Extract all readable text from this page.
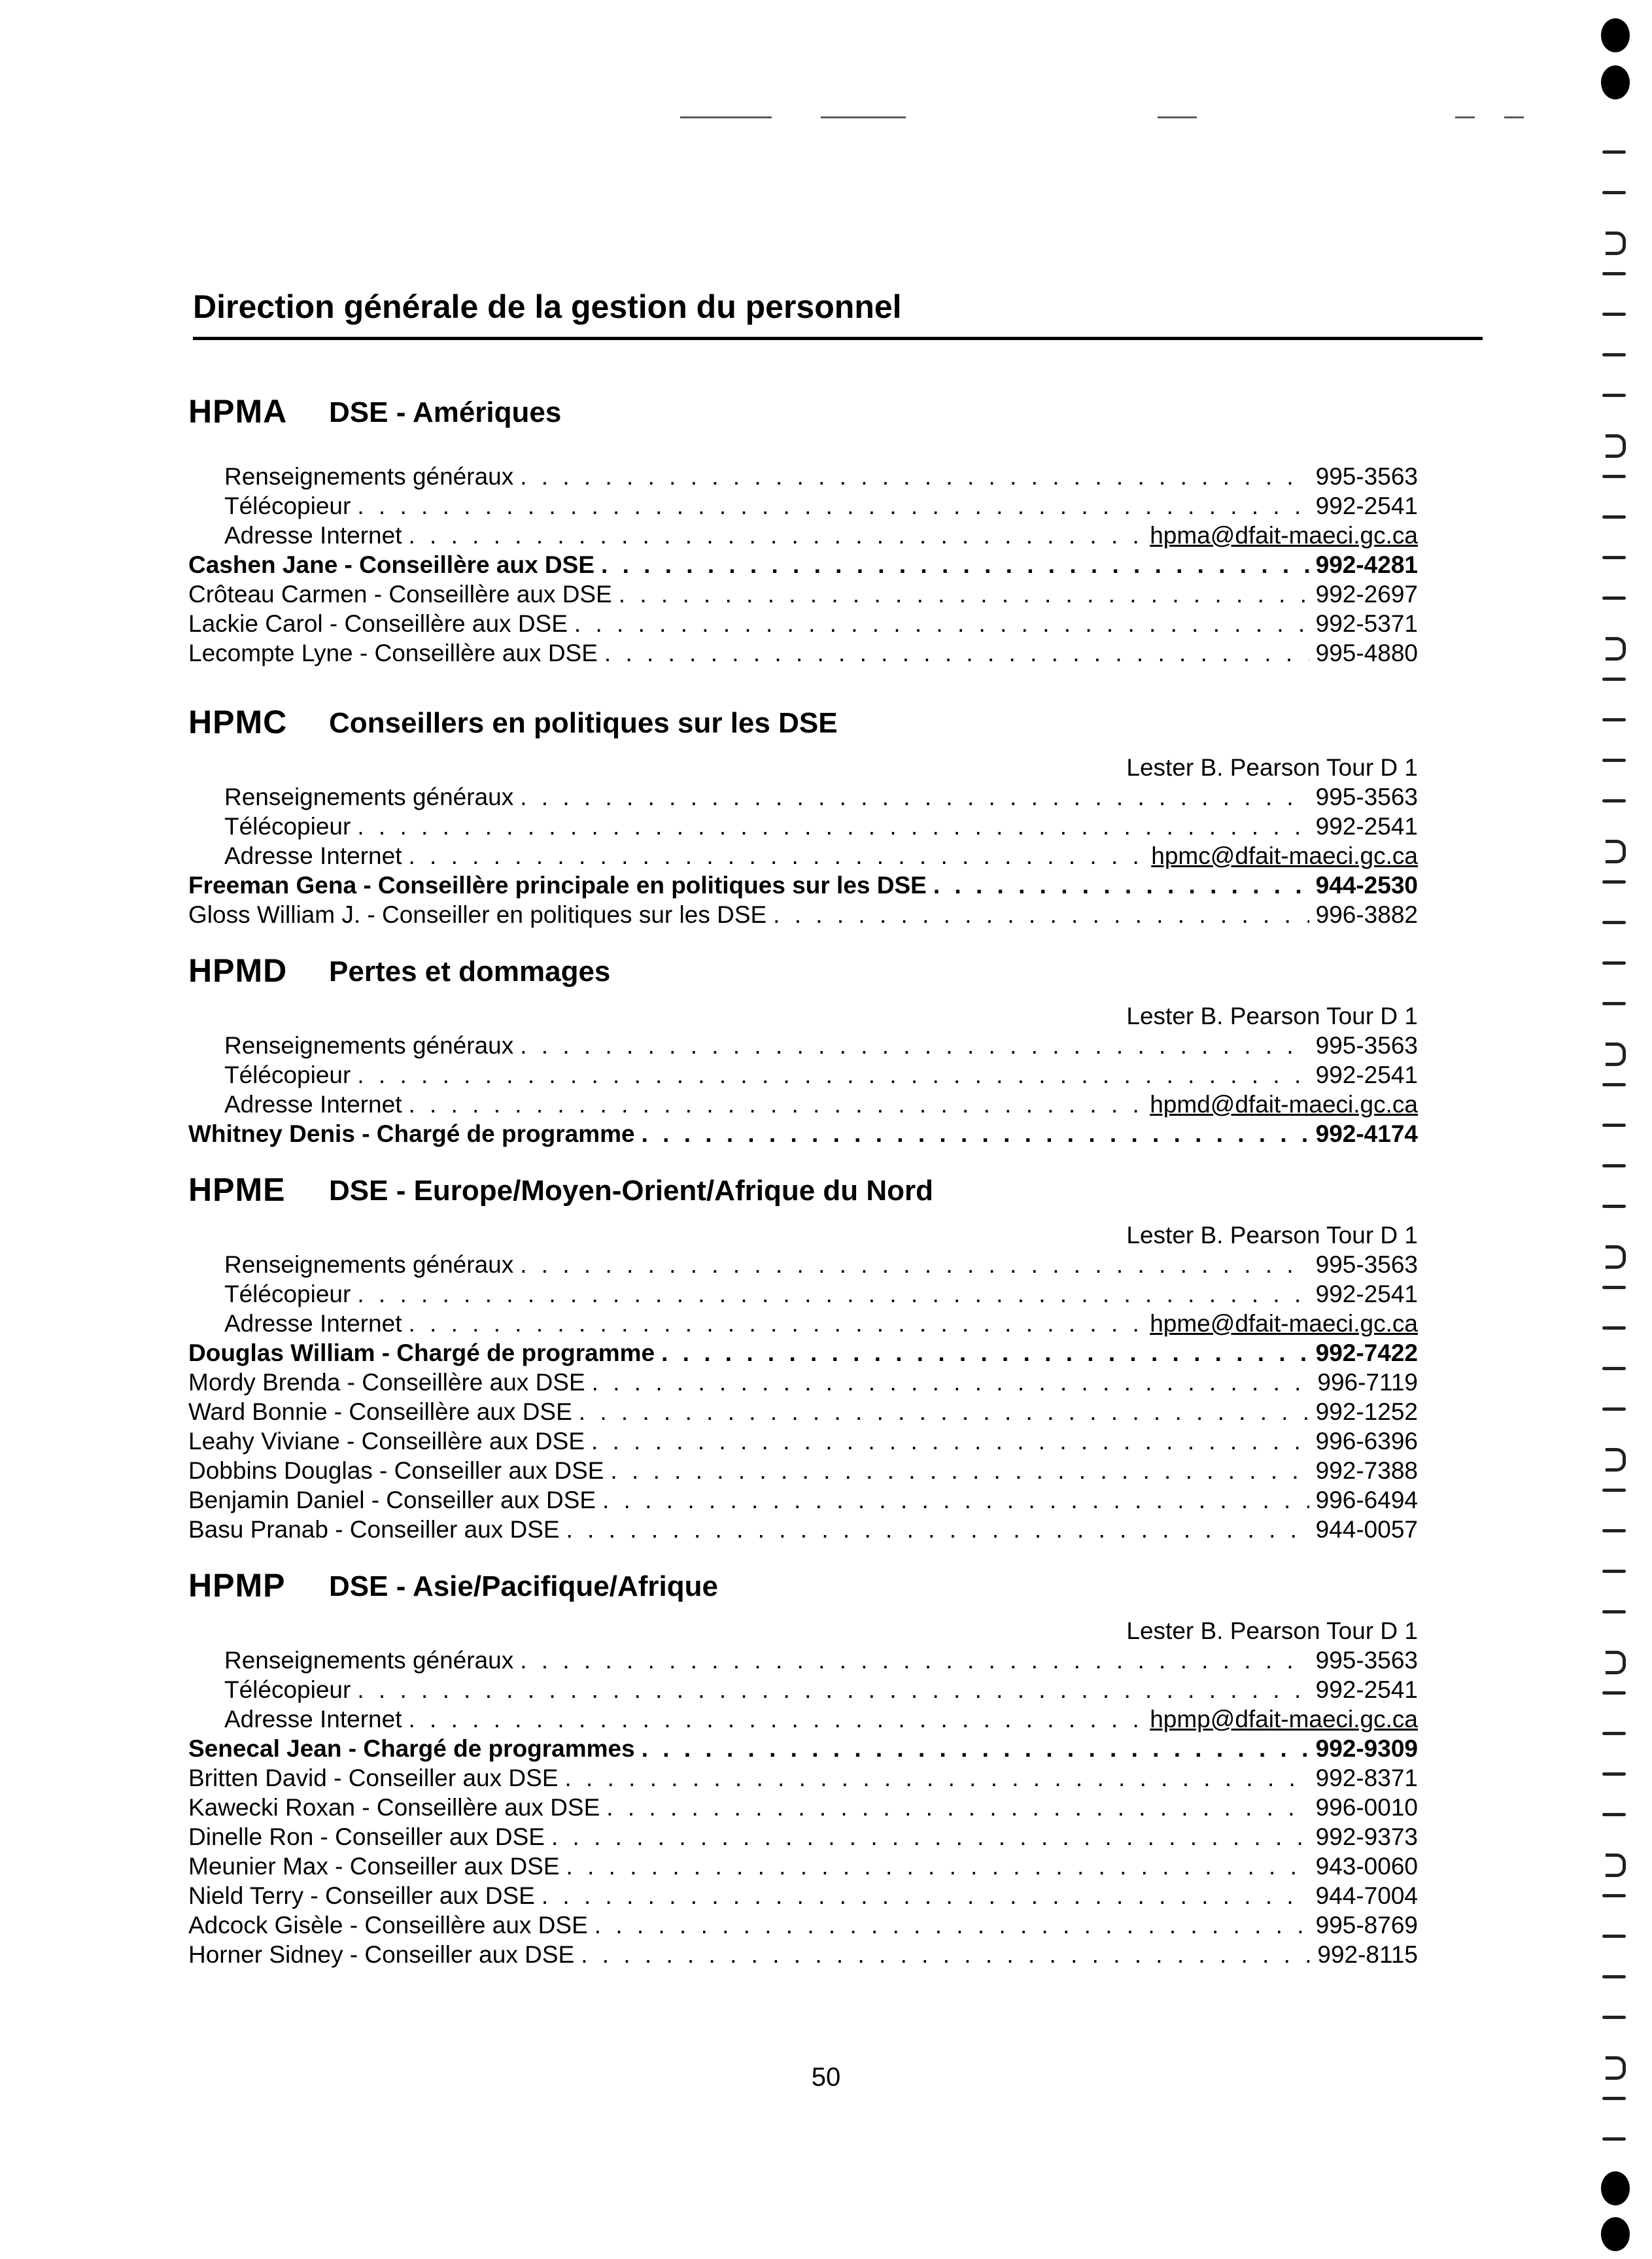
Direction générale de la gestion du personnel
HPMA DSE - Amériques
Renseignements généraux . . .	995-3563
Télécopieur . . .	992-2541
Adresse Internet . . .	hpma@dfait-maeci.gc.ca
Cashen Jane - Conseillère aux DSE . . .	992-4281
Crôteau Carmen - Conseillère aux DSE . . .	992-2697
Lackie Carol - Conseillère aux DSE . . .	992-5371
Lecompte Lyne - Conseillère aux DSE . . .	995-4880
HPMC Conseillers en politiques sur les DSE
Lester B. Pearson Tour D 1
Renseignements généraux . . .	995-3563
Télécopieur . . .	992-2541
Adresse Internet . . .	hpmc@dfait-maeci.gc.ca
Freeman Gena - Conseillère principale en politiques sur les DSE . . .	944-2530
Gloss William J. - Conseiller en politiques sur les DSE . . .	996-3882
HPMD Pertes et dommages
Lester B. Pearson Tour D 1
Renseignements généraux . . .	995-3563
Télécopieur . . .	992-2541
Adresse Internet . . .	hpmd@dfait-maeci.gc.ca
Whitney Denis - Chargé de programme . . .	992-4174
HPME DSE - Europe/Moyen-Orient/Afrique du Nord
Lester B. Pearson Tour D 1
Renseignements généraux . . .	995-3563
Télécopieur . . .	992-2541
Adresse Internet . . .	hpme@dfait-maeci.gc.ca
Douglas William - Chargé de programme . . .	992-7422
Mordy Brenda - Conseillère aux DSE . . .	996-7119
Ward Bonnie - Conseillère aux DSE . . .	992-1252
Leahy Viviane - Conseillère aux DSE . . .	996-6396
Dobbins Douglas - Conseiller aux DSE . . .	992-7388
Benjamin Daniel - Conseiller aux DSE . . .	996-6494
Basu Pranab - Conseiller aux DSE . . .	944-0057
HPMP DSE - Asie/Pacifique/Afrique
Lester B. Pearson Tour D 1
Renseignements généraux . . .	995-3563
Télécopieur . . .	992-2541
Adresse Internet . . .	hpmp@dfait-maeci.gc.ca
Senecal Jean - Chargé de programmes . . .	992-9309
Britten David - Conseiller aux DSE . . .	992-8371
Kawecki Roxan - Conseillère aux DSE . . .	996-0010
Dinelle Ron - Conseiller aux DSE . . .	992-9373
Meunier Max - Conseiller aux DSE . . .	943-0060
Nield Terry - Conseiller aux DSE . . .	944-7004
Adcock Gisèle - Conseillère aux DSE . . .	995-8769
Horner Sidney - Conseiller aux DSE . . .	992-8115
50
